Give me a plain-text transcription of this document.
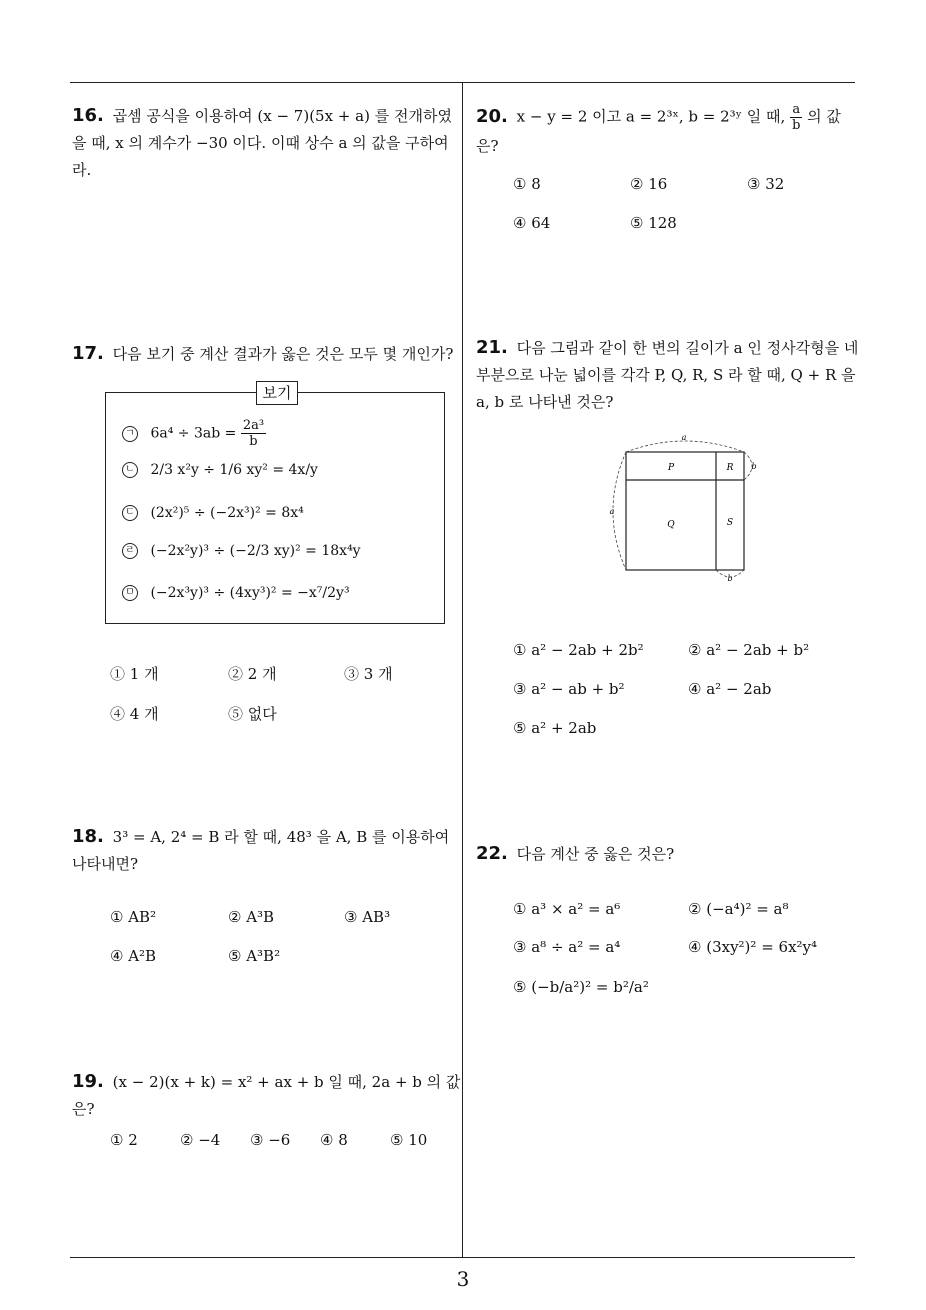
16. 곱셈 공식을 이용하여 (x − 7)(5x + a) 를 전개하였을 때, x 의 계수가 −30 이다. 이때 상수 a 의 값을 구하여라.
17. 다음 보기 중 계산 결과가 옳은 것은 모두 몇 개인가?
보기
ㄱ $6a^4 \div 3ab = \frac{\text{2a³}}{b}$
ㄴ 2/3 x²y ÷ 1/6 xy² = 4x/y
ㄷ (2x²)⁵ ÷ (−2x³)² = 8x⁴
ㄹ (−2x²y)³ ÷ (−2/3 xy)² = 18x⁴y
ㅁ (−2x³y)³ ÷ (4xy³)² = −x⁷/2y³
① 1 개	② 2 개	③ 3 개
④ 4 개	⑤ 없다
18. 3³ = A, 2⁴ = B 라 할 때, 48³ 을 A, B 를 이용하여 나타내면?
① AB²	② A³B	③ AB³
④ A²B	⑤ A³B²
19. (x − 2)(x + k) = x² + ax + b 일 때, 2a + b 의 값은?
① 2	② −4 ③ −6 ④ 8	⑤ 10
20. x − y = 2 이고 a = 2³ˣ, b = 2³ʸ 일 때, $\frac{a}{b}$ 의 값은?
① 8	② 16	③ 32
④ 64	⑤ 128
21. 다음 그림과 같이 한 변의 길이가 a 인 정사각형을 네 부분으로 나눈 넓이를 각각 P, Q, R, S 라 할 때, Q + R 을 a, b 로 나타낸 것은?
a
a
b
b
P	R
Q	S
① a² − 2ab + 2b²	② a² − 2ab + b²
③ a² − ab + b²	④ a² − 2ab
⑤ a² + 2ab
22. 다음 계산 중 옳은 것은?
① a³ × a² = a⁶	② (−a⁴)² = a⁸
③ a⁸ ÷ a² = a⁴	④ (3xy²)² = 6x²y⁴
⑤ (−b/a²)² = b²/a²
3
